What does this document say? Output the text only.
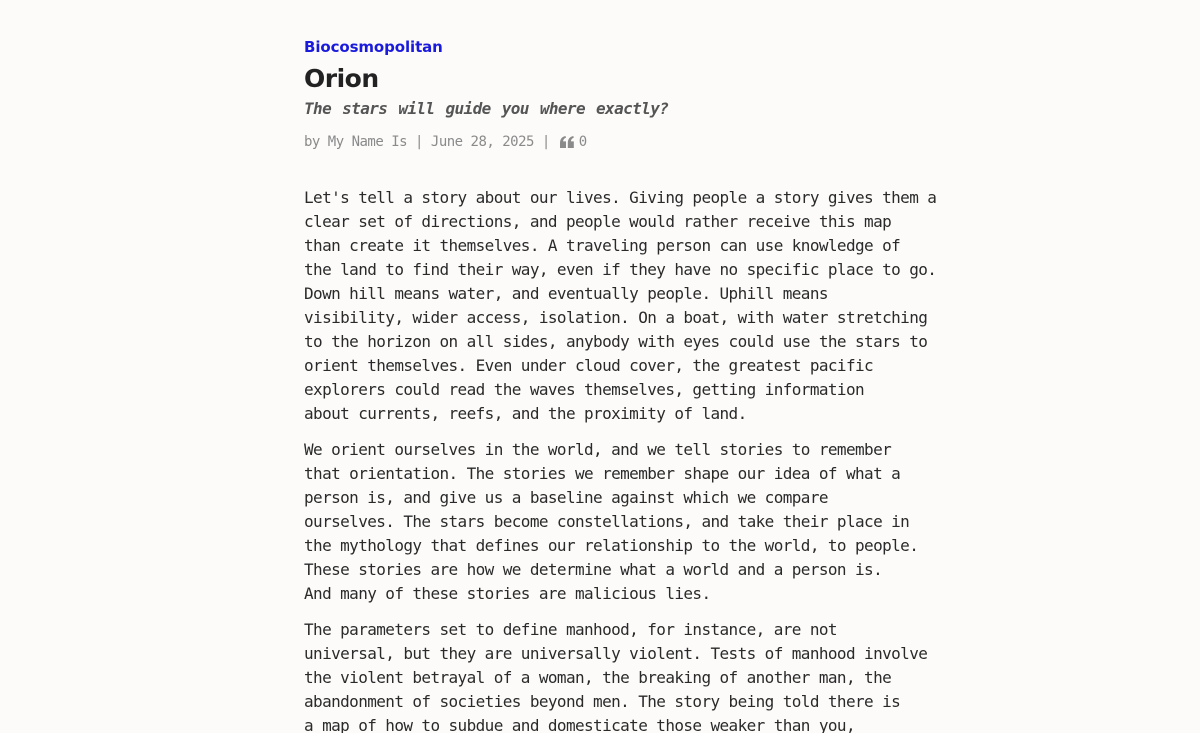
Biocosmopolitan
Orion
The stars will guide you where exactly?
by My Name Is
|
June 28, 2025
|
0

Let's tell a story about our lives. Giving people a story gives them a
clear set of directions, and people would rather receive this map
than create it themselves. A traveling person can use knowledge of
the land to find their way, even if they have no specific place to go.
Down hill means water, and eventually people. Uphill means
visibility, wider access, isolation. On a boat, with water stretching
to the horizon on all sides, anybody with eyes could use the stars to
orient themselves. Even under cloud cover, the greatest pacific
explorers could read the waves themselves, getting information
about currents, reefs, and the proximity of land.

We orient ourselves in the world, and we tell stories to remember
that orientation. The stories we remember shape our idea of what a
person is, and give us a baseline against which we compare
ourselves. The stars become constellations, and take their place in
the mythology that defines our relationship to the world, to people.
These stories are how we determine what a world and a person is.
And many of these stories are malicious lies.

The parameters set to define manhood, for instance, are not
universal, but they are universally violent. Tests of manhood involve
the violent betrayal of a woman, the breaking of another man, the
abandonment of societies beyond men. The story being told there is
a map of how to subdue and domesticate those weaker than you,
